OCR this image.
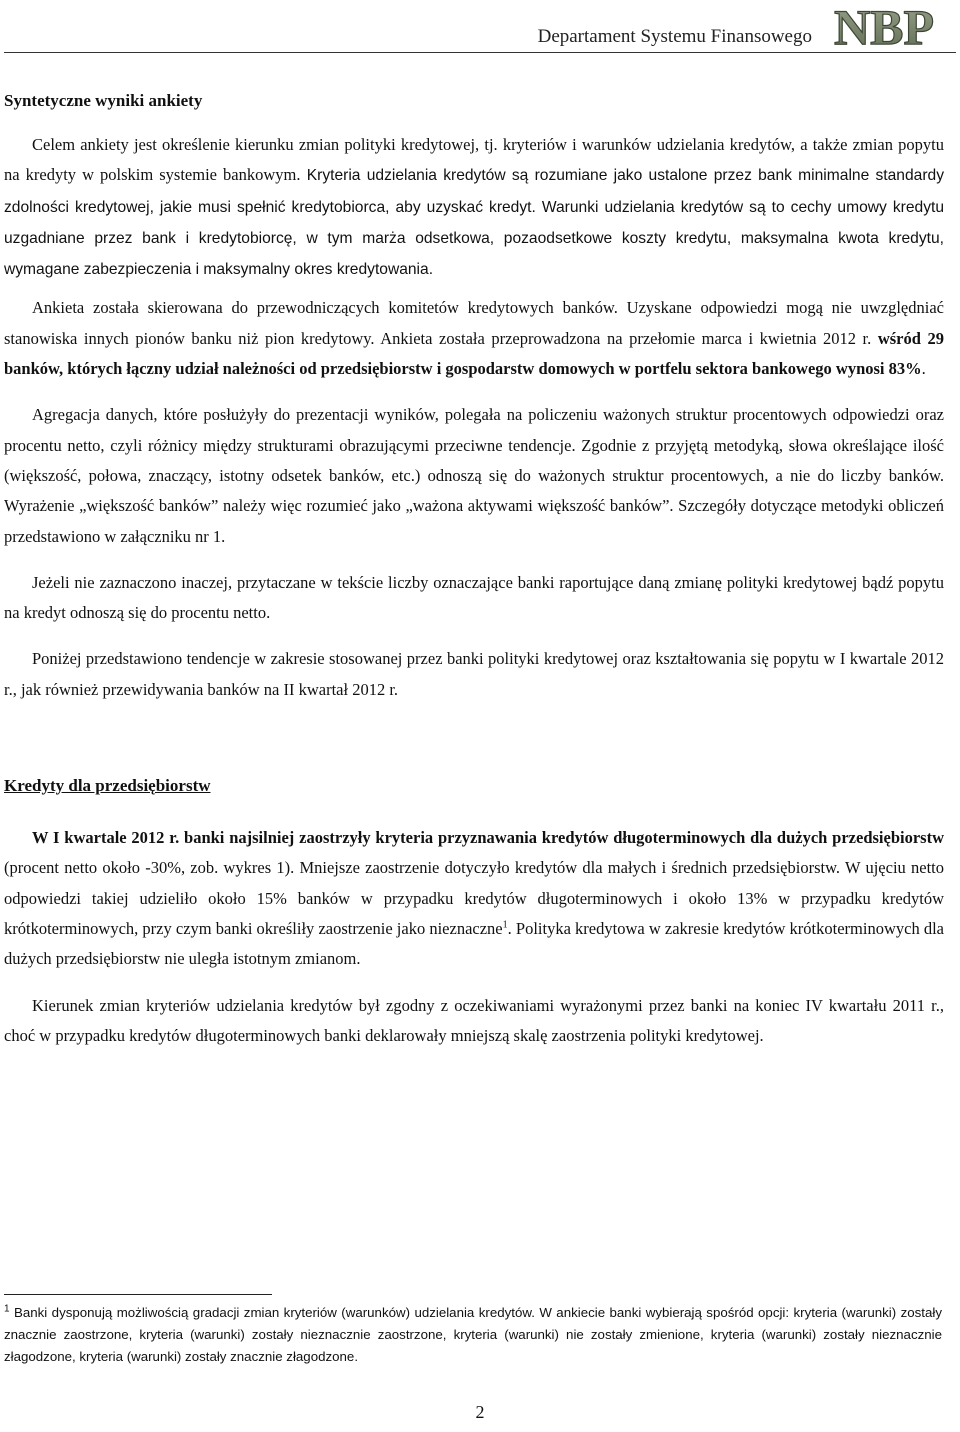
Departament Systemu Finansowego NBP
Syntetyczne wyniki ankiety

Celem ankiety jest określenie kierunku zmian polityki kredytowej, tj. kryteriów i warunków udzielania kredytów, a także zmian popytu na kredyty w polskim systemie bankowym. Kryteria udzielania kredytów są rozumiane jako ustalone przez bank minimalne standardy zdolności kredytowej, jakie musi spełnić kredytobiorca, aby uzyskać kredyt. Warunki udzielania kredytów są to cechy umowy kredytu uzgadniane przez bank i kredytobiorcę, w tym marża odsetkowa, pozaodsetkowe koszty kredytu, maksymalna kwota kredytu, wymagane zabezpieczenia i maksymalny okres kredytowania.

Ankieta została skierowana do przewodniczących komitetów kredytowych banków. Uzyskane odpowiedzi mogą nie uwzględniać stanowiska innych pionów banku niż pion kredytowy. Ankieta została przeprowadzona na przełomie marca i kwietnia 2012 r. wśród 29 banków, których łączny udział należności od przedsiębiorstw i gospodarstw domowych w portfelu sektora bankowego wynosi 83%.

Agregacja danych, które posłużyły do prezentacji wyników, polegała na policzeniu ważonych struktur procentowych odpowiedzi oraz procentu netto, czyli różnicy między strukturami obrazującymi przeciwne tendencje. Zgodnie z przyjętą metodyką, słowa określające ilość (większość, połowa, znaczący, istotny odsetek banków, etc.) odnoszą się do ważonych struktur procentowych, a nie do liczby banków. Wyrażenie „większość banków” należy więc rozumieć jako „ważona aktywami większość banków”. Szczegóły dotyczące metodyki obliczeń przedstawiono w załączniku nr 1.

Jeżeli nie zaznaczono inaczej, przytaczane w tekście liczby oznaczające banki raportujące daną zmianę polityki kredytowej bądź popytu na kredyt odnoszą się do procentu netto.

Poniżej przedstawiono tendencje w zakresie stosowanej przez banki polityki kredytowej oraz kształtowania się popytu w I kwartale 2012 r., jak również przewidywania banków na II kwartał 2012 r.

Kredyty dla przedsiębiorstw

W I kwartale 2012 r. banki najsilniej zaostrzyły kryteria przyznawania kredytów długoterminowych dla dużych przedsiębiorstw (procent netto około -30%, zob. wykres 1). Mniejsze zaostrzenie dotyczyło kredytów dla małych i średnich przedsiębiorstw. W ujęciu netto odpowiedzi takiej udzieliło około 15% banków w przypadku kredytów długoterminowych i około 13% w przypadku kredytów krótkoterminowych, przy czym banki określiły zaostrzenie jako nieznaczne$^1$. Polityka kredytowa w zakresie kredytów krótkoterminowych dla dużych przedsiębiorstw nie uległa istotnym zmianom.

Kierunek zmian kryteriów udzielania kredytów był zgodny z oczekiwaniami wyrażonymi przez banki na koniec IV kwartału 2011 r., choć w przypadku kredytów długoterminowych banki deklarowały mniejszą skalę zaostrzenia polityki kredytowej.

$^1$ Banki dysponują możliwością gradacji zmian kryteriów (warunków) udzielania kredytów. W ankiecie banki wybierają spośród opcji: kryteria (warunki) zostały znacznie zaostrzone, kryteria (warunki) zostały nieznacznie zaostrzone, kryteria (warunki) nie zostały zmienione, kryteria (warunki) zostały nieznacznie złagodzone, kryteria (warunki) zostały znacznie złagodzone.
2
